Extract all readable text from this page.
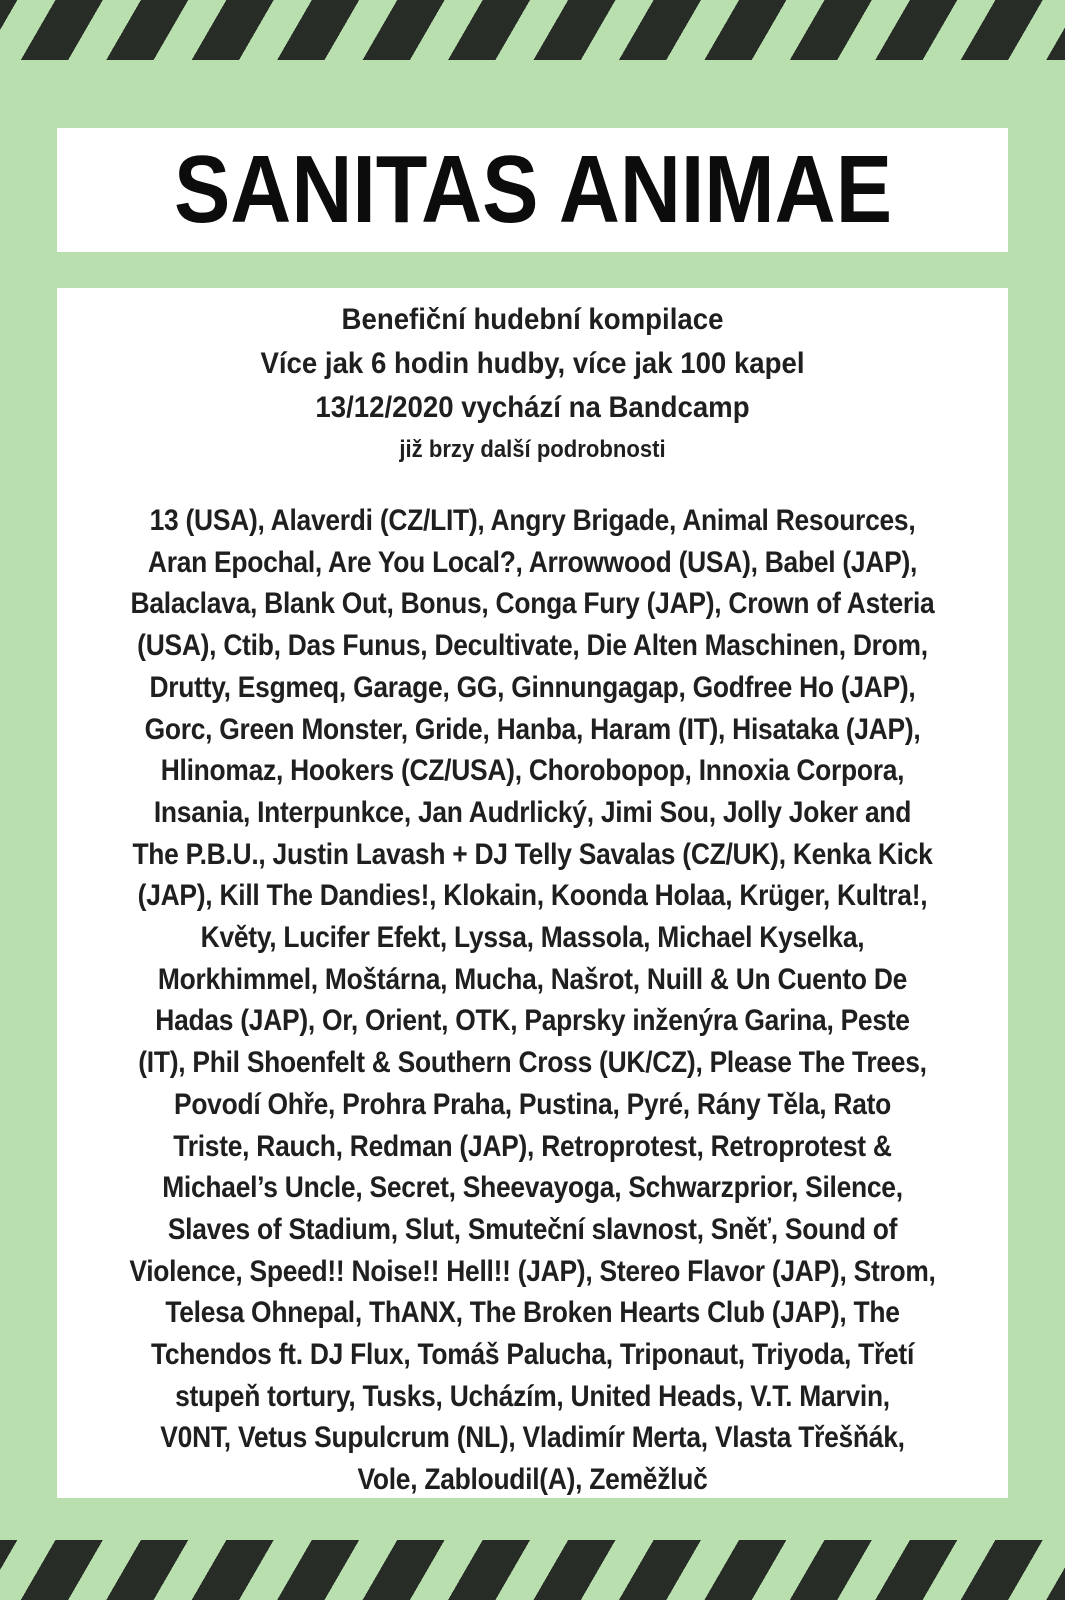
SANITAS ANIMAE
Benefiční hudební kompilace
Více jak 6 hodin hudby, více jak 100 kapel
13/12/2020 vychází na Bandcamp
již brzy další podrobnosti
13 (USA), Alaverdi (CZ/LIT), Angry Brigade, Animal Resources,
Aran Epochal, Are You Local?, Arrowwood (USA), Babel (JAP),
Balaclava, Blank Out, Bonus, Conga Fury (JAP), Crown of Asteria
(USA), Ctib, Das Funus, Decultivate, Die Alten Maschinen, Drom,
Drutty, Esgmeq, Garage, GG, Ginnungagap, Godfree Ho (JAP),
Gorc, Green Monster, Gride, Hanba, Haram (IT), Hisataka (JAP),
Hlinomaz, Hookers (CZ/USA), Chorobopop, Innoxia Corpora,
Insania, Interpunkce, Jan Audrlický, Jimi Sou, Jolly Joker and
The P.B.U., Justin Lavash + DJ Telly Savalas (CZ/UK), Kenka Kick
(JAP), Kill The Dandies!, Klokain, Koonda Holaa, Krüger, Kultra!,
Květy, Lucifer Efekt, Lyssa, Massola, Michael Kyselka,
Morkhimmel, Moštárna, Mucha, Našrot, Nuill & Un Cuento De
Hadas (JAP), Or, Orient, OTK, Paprsky inženýra Garina, Peste
(IT), Phil Shoenfelt & Southern Cross (UK/CZ), Please The Trees,
Povodí Ohře, Prohra Praha, Pustina, Pyré, Rány Těla, Rato
Triste, Rauch, Redman (JAP), Retroprotest, Retroprotest &
Michael’s Uncle, Secret, Sheevayoga, Schwarzprior, Silence,
Slaves of Stadium, Slut, Smuteční slavnost, Sněť, Sound of
Violence, Speed!! Noise!! Hell!! (JAP), Stereo Flavor (JAP), Strom,
Telesa Ohnepal, ThANX, The Broken Hearts Club (JAP), The
Tchendos ft. DJ Flux, Tomáš Palucha, Triponaut, Triyoda, Třetí
stupeň tortury, Tusks, Ucházím, United Heads, V.T. Marvin,
V0NT, Vetus Supulcrum (NL), Vladimír Merta, Vlasta Třešňák,
Vole, Zabloudil(A), Zeměžluč
